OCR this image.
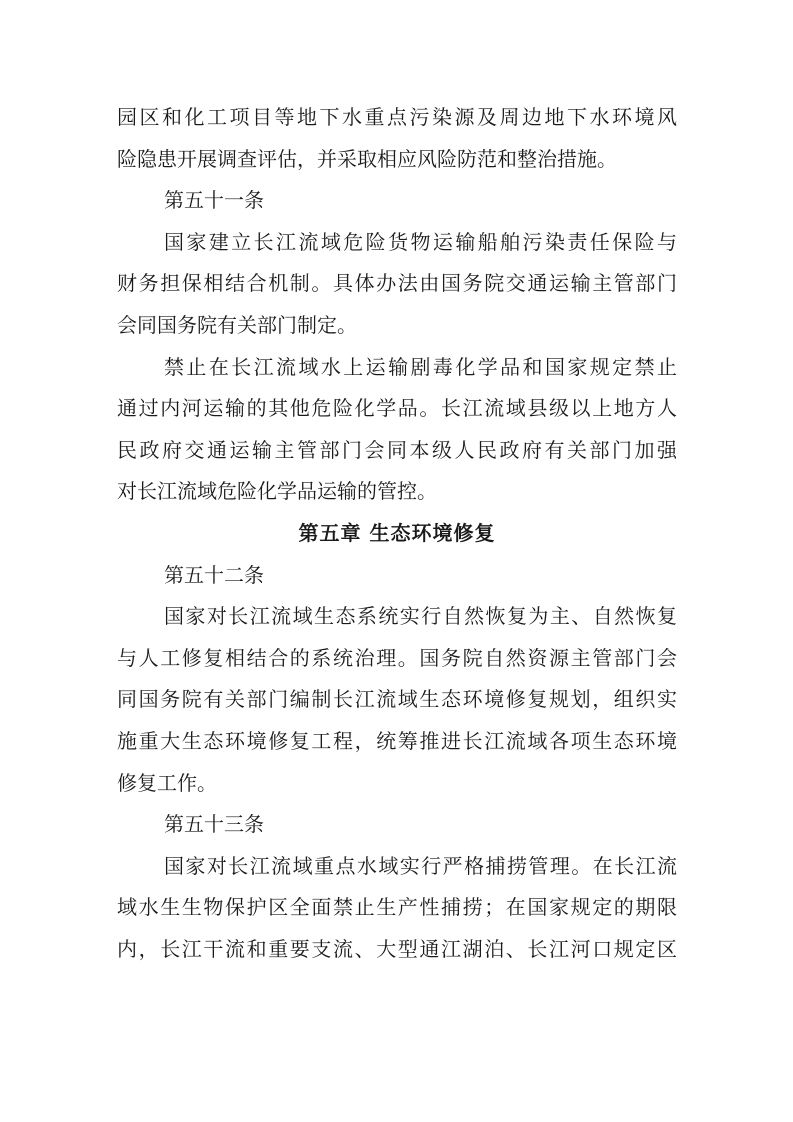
园区和化工项目等地下水重点污染源及周边地下水环境风
险隐患开展调查评估，并采取相应风险防范和整治措施。
第五十一条
国家建立长江流域危险货物运输船舶污染责任保险与
财务担保相结合机制。具体办法由国务院交通运输主管部门
会同国务院有关部门制定。
禁止在长江流域水上运输剧毒化学品和国家规定禁止
通过内河运输的其他危险化学品。长江流域县级以上地方人
民政府交通运输主管部门会同本级人民政府有关部门加强
对长江流域危险化学品运输的管控。
第五章 生态环境修复
第五十二条
国家对长江流域生态系统实行自然恢复为主、自然恢复
与人工修复相结合的系统治理。国务院自然资源主管部门会
同国务院有关部门编制长江流域生态环境修复规划，组织实
施重大生态环境修复工程，统筹推进长江流域各项生态环境
修复工作。
第五十三条
国家对长江流域重点水域实行严格捕捞管理。在长江流
域水生生物保护区全面禁止生产性捕捞；在国家规定的期限
内，长江干流和重要支流、大型通江湖泊、长江河口规定区
